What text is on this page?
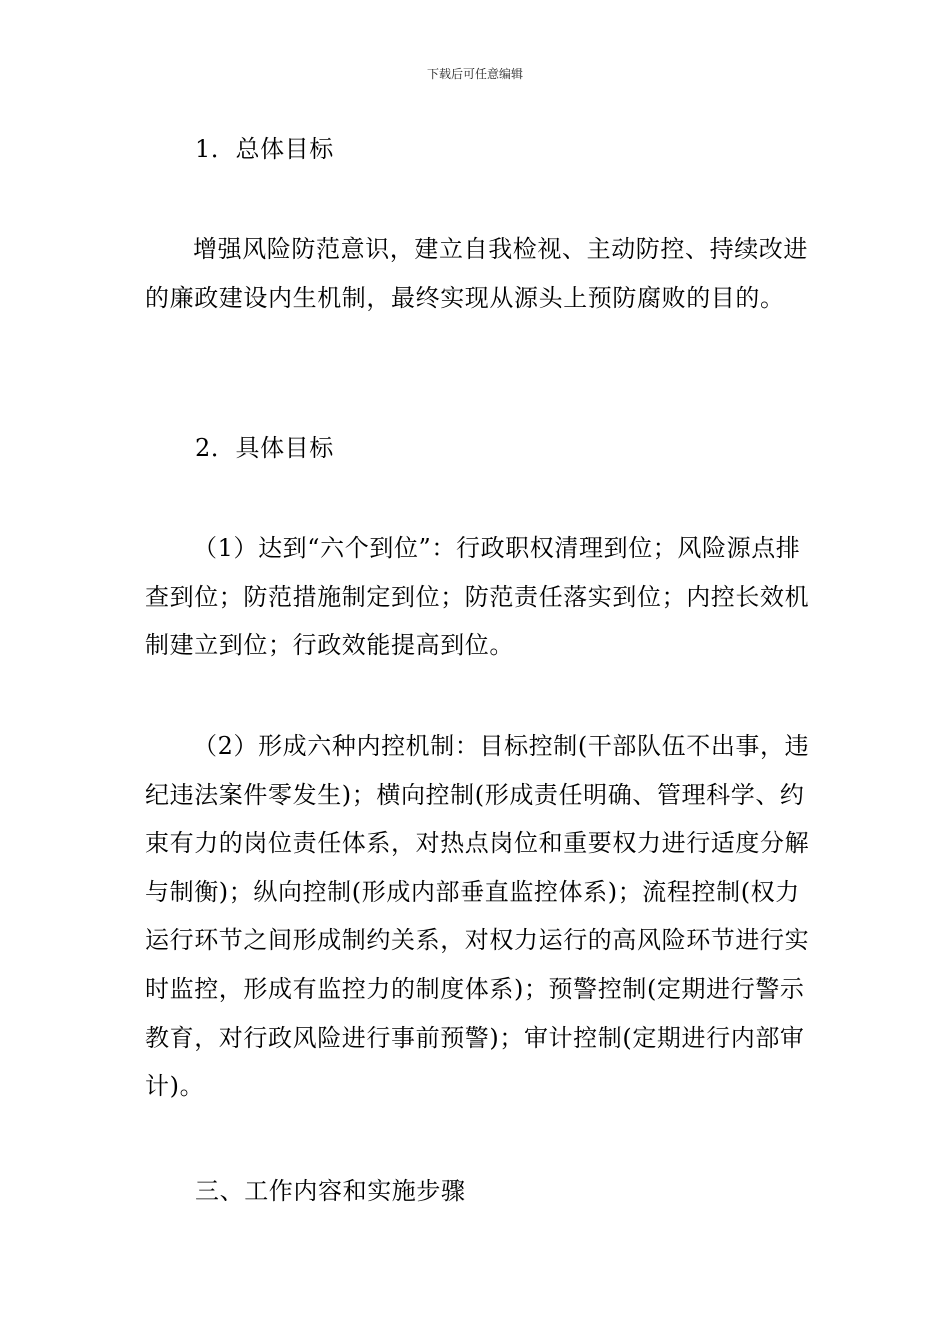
下载后可任意编辑

1．总体目标

增强风险防范意识，建立自我检视、主动防控、持续改进的廉政建设内生机制，最终实现从源头上预防腐败的目的。

2．具体目标

（1）达到“六个到位”：行政职权清理到位；风险源点排查到位；防范措施制定到位；防范责任落实到位；内控长效机制建立到位；行政效能提高到位。

（2）形成六种内控机制：目标控制(干部队伍不出事，违纪违法案件零发生)；横向控制(形成责任明确、管理科学、约束有力的岗位责任体系，对热点岗位和重要权力进行适度分解与制衡)；纵向控制(形成内部垂直监控体系)；流程控制(权力运行环节之间形成制约关系，对权力运行的高风险环节进行实时监控，形成有监控力的制度体系)；预警控制(定期进行警示教育，对行政风险进行事前预警)；审计控制(定期进行内部审计)。

三、工作内容和实施步骤
